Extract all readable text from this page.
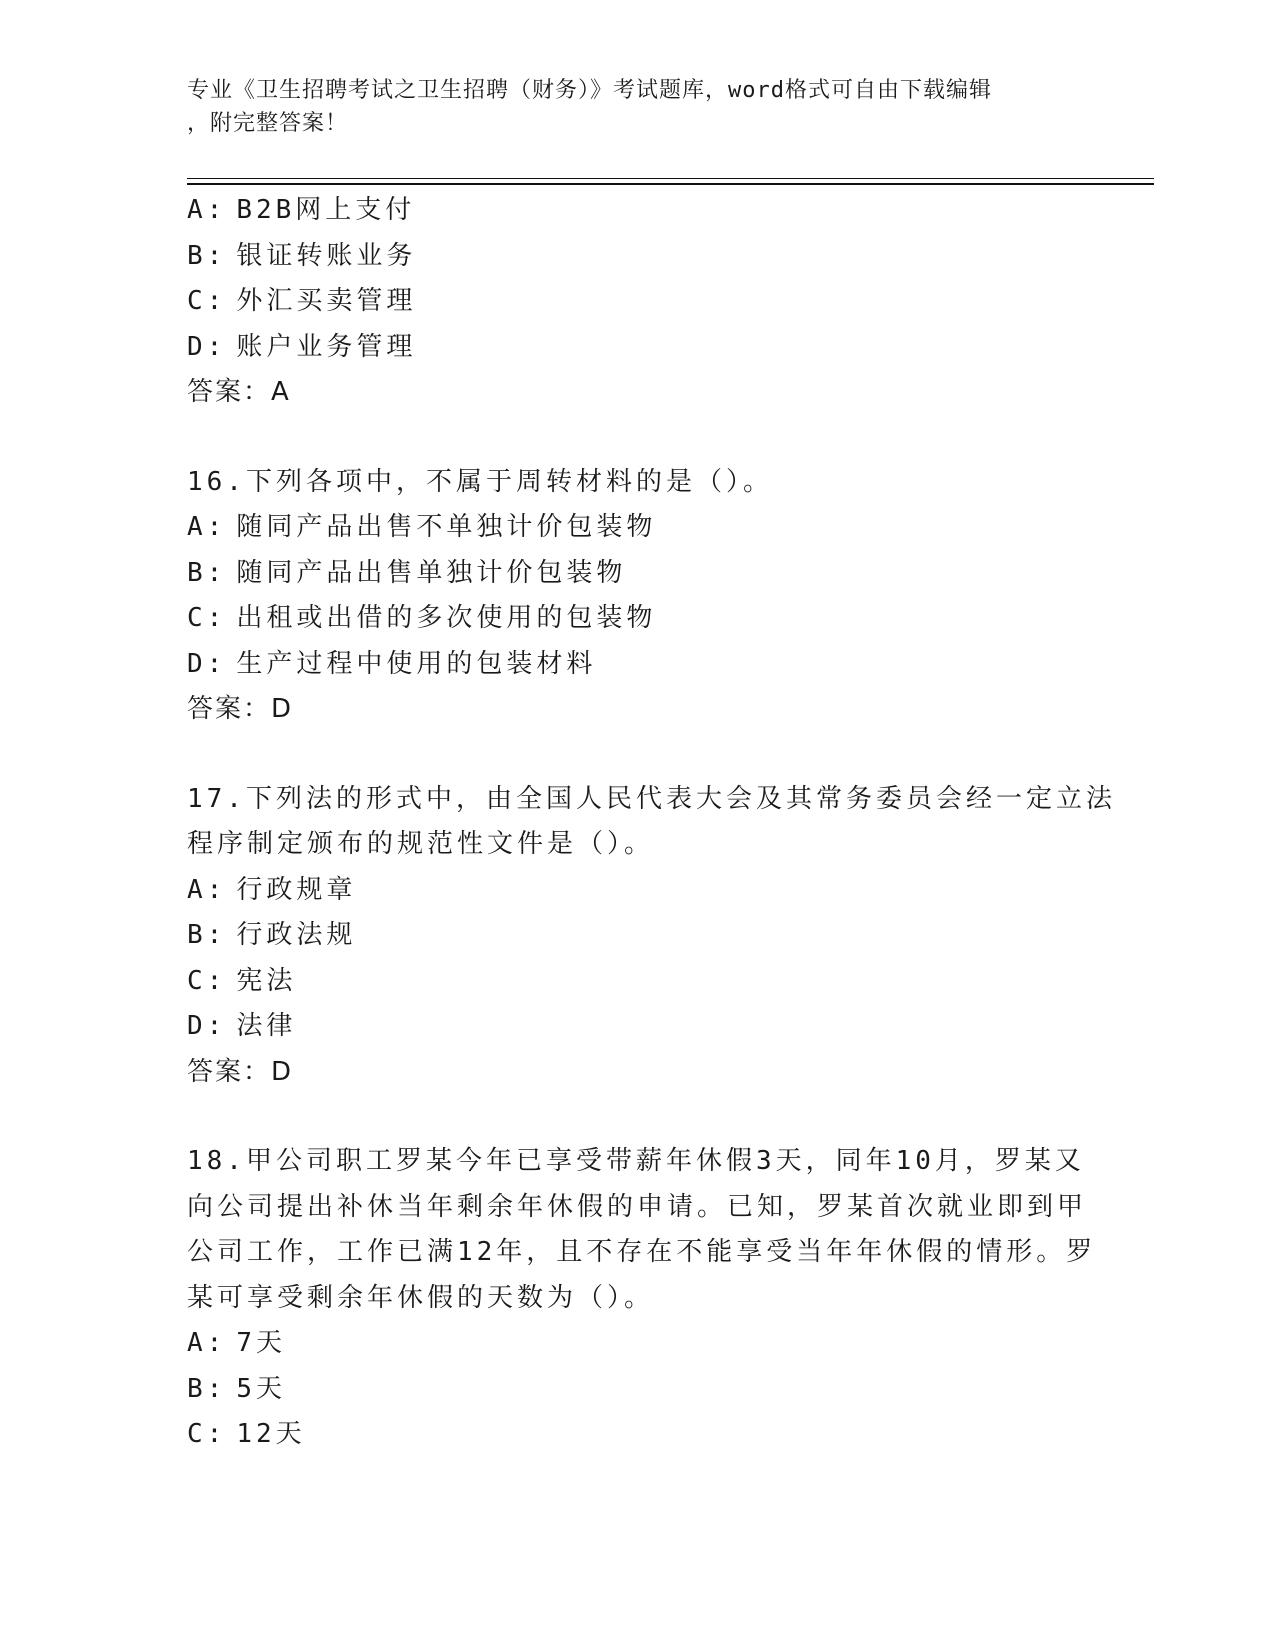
专业《卫生招聘考试之卫生招聘（财务）》考试题库，word格式可自由下载编辑
，附完整答案！
A: B2B网上支付
B: 银证转账业务
C: 外汇买卖管理
D: 账户业务管理
答案：A
16.下列各项中，不属于周转材料的是（）。
A: 随同产品出售不单独计价包装物
B: 随同产品出售单独计价包装物
C: 出租或出借的多次使用的包装物
D: 生产过程中使用的包装材料
答案：D
17.下列法的形式中，由全国人民代表大会及其常务委员会经一定立法
程序制定颁布的规范性文件是（）。
A: 行政规章
B: 行政法规
C: 宪法
D: 法律
答案：D
18.甲公司职工罗某今年已享受带薪年休假3天，同年10月，罗某又
向公司提出补休当年剩余年休假的申请。已知，罗某首次就业即到甲
公司工作，工作已满12年，且不存在不能享受当年年休假的情形。罗
某可享受剩余年休假的天数为（）。
A: 7天
B: 5天
C: 12天
